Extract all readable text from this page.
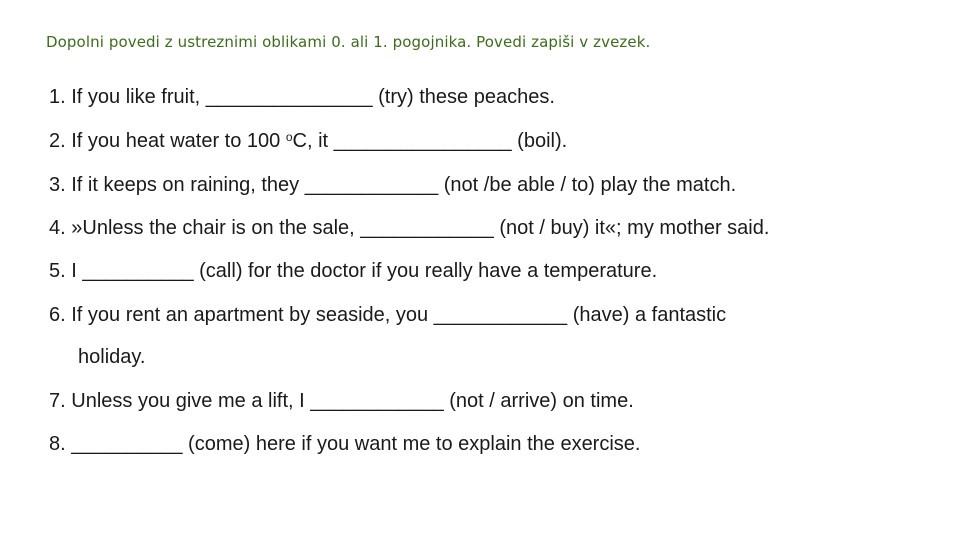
Dopolni povedi z ustreznimi oblikami 0. ali 1. pogojnika. Povedi zapiši v zvezek.
1. If you like fruit, _______________ (try) these peaches.
2. If you heat water to 100 $^o$C, it ________________ (boil).
3. If it keeps on raining, they ____________ (not /be able / to) play the match.
4. »Unless the chair is on the sale, ____________ (not / buy) it«; my mother said.
5. I __________ (call) for the doctor if you really have a temperature.
6. If you rent an apartment by seaside, you ____________ (have) a fantastic
holiday.
7. Unless you give me a lift, I ____________ (not / arrive) on time.
8. __________ (come) here if you want me to explain the exercise.
